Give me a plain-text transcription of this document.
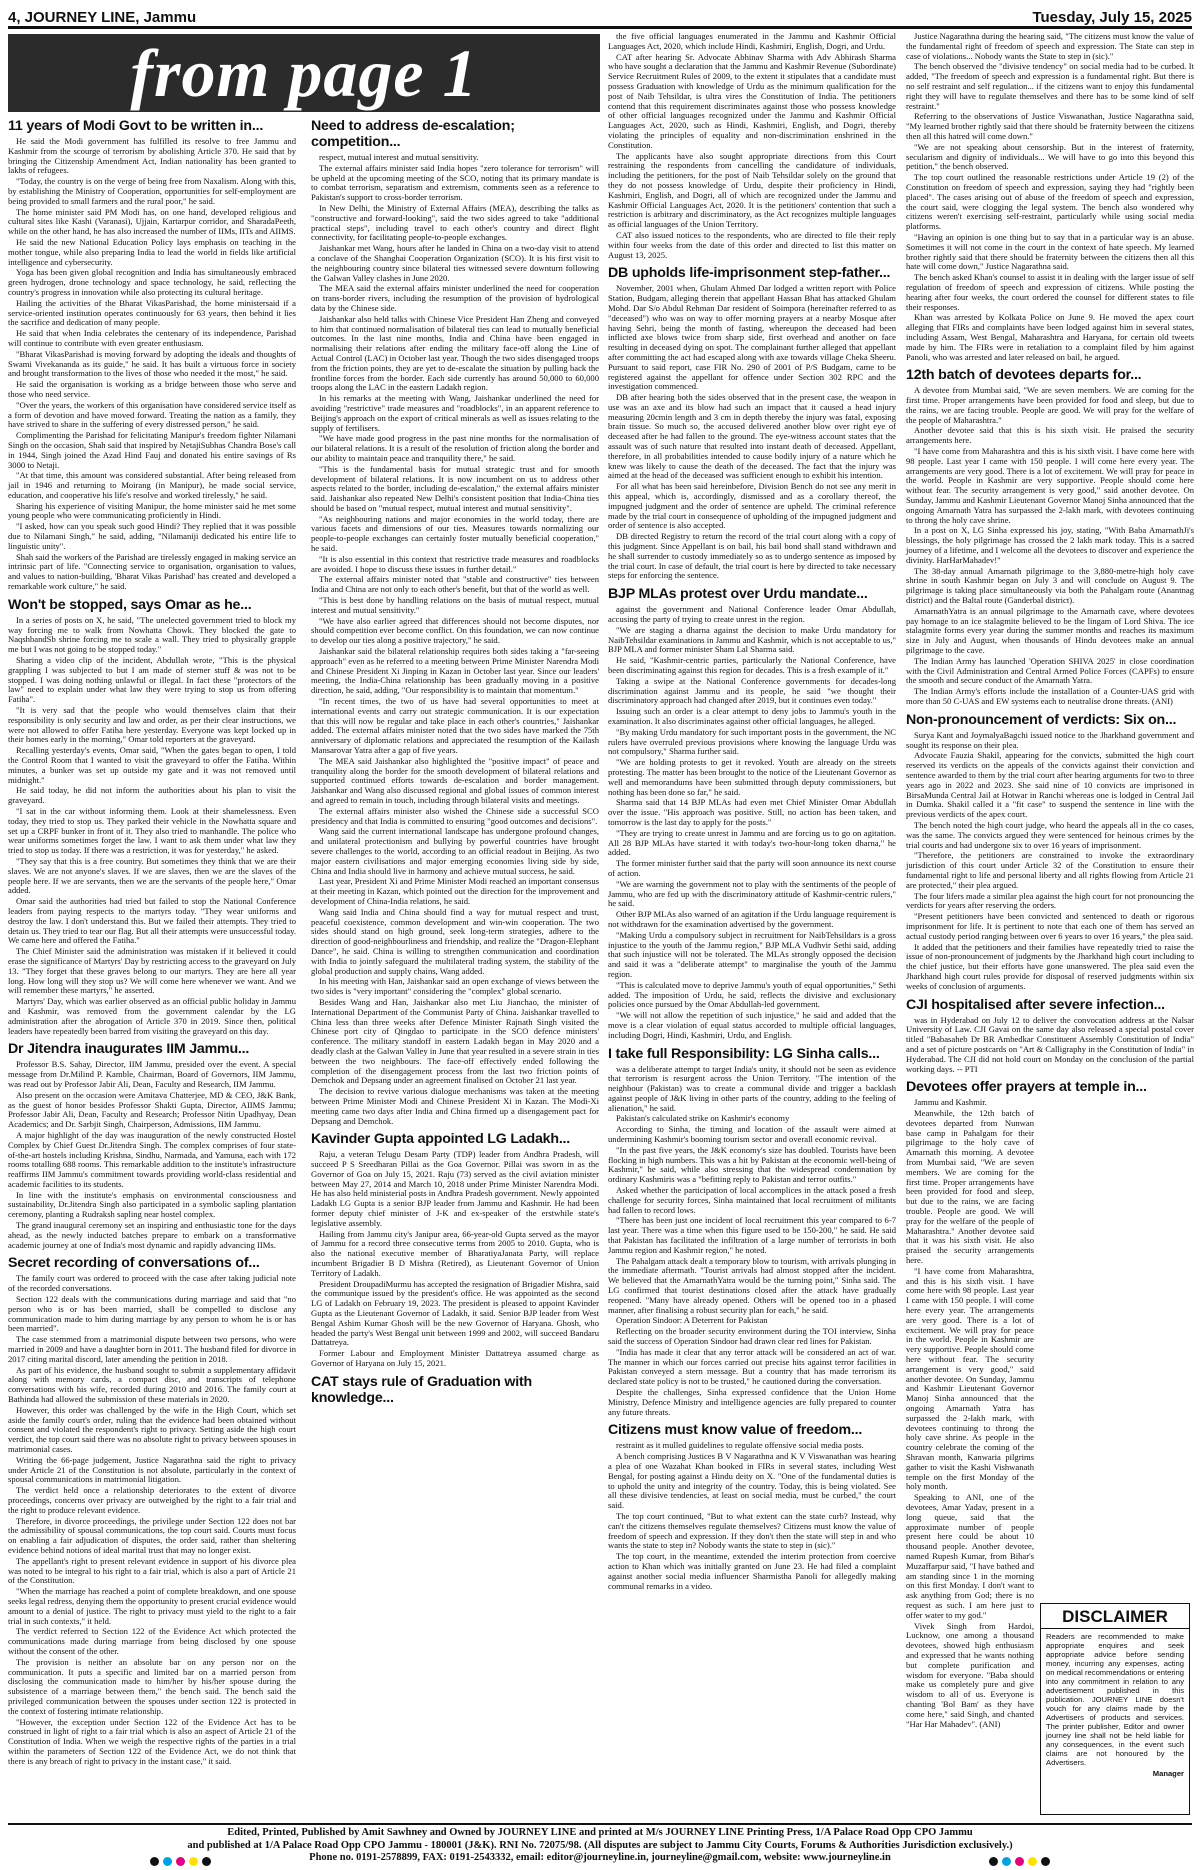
4, JOURNEY LINE, Jammu	Tuesday, July 15, 2025
from page 1
11 years of Modi Govt to be written in...

He said the Modi government has fulfilled its resolve to free Jammu and Kashmir from the scourge of terrorism by abolishing Article 370. He said that by bringing the Citizenship Amendment Act, Indian nationality has been granted to lakhs of refugees.

"Today, the country is on the verge of being free from Naxalism. Along with this, by establishing the Ministry of Cooperation, opportunities for self-employment are being provided to small farmers and the rural poor," he said.

The home minister said PM Modi has, on one hand, developed religious and cultural sites like Kashi (Varanasi), Ujjain, Kartarpur corridor, and SharadaPeeth, while on the other hand, he has also increased the number of IIMs, IITs and AIIMS.

He said the new National Education Policy lays emphasis on teaching in the mother tongue, while also preparing India to lead the world in fields like artificial intelligence and cybersecurity.

Yoga has been given global recognition and India has simultaneously embraced green hydrogen, drone technology and space technology, he said, reflecting the country's progress in innovation while also protecting its cultural heritage.

Hailing the activities of the Bharat VikasParishad, the home ministersaid if a service-oriented institution operates continuously for 63 years, then behind it lies the sacrifice and dedication of many people.

He said that when India celebrates the centenary of its independence, Parishad will continue to contribute with even greater enthusiasm.

"Bharat VikasParishad is moving forward by adopting the ideals and thoughts of Swami Vivekananda as its guide," he said. It has built a virtuous force in society and brought transformation to the lives of those who needed it the most," he said.

He said the organisation is working as a bridge between those who serve and those who need service.

"Over the years, the workers of this organisation have considered service itself as a form of devotion and have moved forward. Treating the nation as a family, they have strived to share in the suffering of every distressed person," he said.

Complimenting the Parishad for felicitating Manipur's freedom fighter Nilamani Singh on the occasion, Shah said that inspired by NetajiSubhas Chandra Bose's call in 1944, Singh joined the Azad Hind Fauj and donated his entire savings of Rs 3000 to Netaji.

"At that time, this amount was considered substantial. After being released from jail in 1946 and returning to Moirang (in Manipur), he made social service, education, and cooperative his life's resolve and worked tirelessly," he said.

Sharing his experience of visiting Manipur, the home minister said he met some young people who were communicating proficiently in Hindi.

"I asked, how can you speak such good Hindi? They replied that it was possible due to Nilamani Singh," he said, adding, "Nilamaniji dedicated his entire life to linguistic unity".

Shah said the workers of the Parishad are tirelessly engaged in making service an intrinsic part of life. "Connecting service to organisation, organisation to values, and values to nation-building, 'Bharat Vikas Parishad' has created and developed a remarkable work culture," he said.

Won't be stopped, says Omar as he...

In a series of posts on X, he said, "The unelected government tried to block my way forcing me to walk from Nowhatta Chowk. They blocked the gate to NaqshbandSb shrine forcing me to scale a wall. They tried to physically grapple me but I was not going to be stopped today."

Sharing a video clip of the incident, Abdullah wrote, "This is the physical grappling I was subjected to but I am made of sterner stuff & was not to be stopped. I was doing nothing unlawful or illegal. In fact these "protectors of the law" need to explain under what law they were trying to stop us from offering Fatiha".

"It is very sad that the people who would themselves claim that their responsibility is only security and law and order, as per their clear instructions, we were not allowed to offer Fatiha here yesterday. Everyone was kept locked up in their homes early in the morning," Omar told reporters at the graveyard.

Recalling yesterday's events, Omar said, "When the gates began to open, I told the Control Room that I wanted to visit the graveyard to offer the Fatiha. Within minutes, a bunker was set up outside my gate and it was not removed until midnight."

He said today, he did not inform the authorities about his plan to visit the graveyard.

"I sat in the car without informing them. Look at their shamelessness. Even today, they tried to stop us. They parked their vehicle in the Nowhatta square and set up a CRPF bunker in front of it. They also tried to manhandle. The police who wear uniforms sometimes forget the law. I want to ask them under what law they tried to stop us today. If there was a restriction, it was for yesterday," he asked.

"They say that this is a free country. But sometimes they think that we are their slaves. We are not anyone's slaves. If we are slaves, then we are the slaves of the people here. If we are servants, then we are the servants of the people here," Omar added.

Omar said the authorities had tried but failed to stop the National Conference leaders from paying respects to the martyrs today. "They wear uniforms and destroy the law. I don't understand this. But we failed their attempts. They tried to detain us. They tried to tear our flag. But all their attempts were unsuccessful today. We came here and offered the Fatiha."

The Chief Minister said the administration was mistaken if it believed it could erase the significance of Martyrs' Day by restricting access to the graveyard on July 13. "They forget that these graves belong to our martyrs. They are here all year long. How long will they stop us? We will come here whenever we want. And we will remember these martyrs," he asserted.

Martyrs' Day, which was earlier observed as an official public holiday in Jammu and Kashmir, was removed from the government calendar by the LG administration after the abrogation of Article 370 in 2019. Since then, political leaders have repeatedly been barred from visiting the graveyard on this day.

Dr Jitendra inaugurates IIM Jammu...

Professor B.S. Sahay, Director, IIM Jammu, presided over the event. A special message from Dr.Milind P. Kamble, Chairman, Board of Governors, IIM Jammu, was read out by Professor Jabir Ali, Dean, Faculty and Research, IIM Jammu.

Also present on the occasion were Amitava Chatterjee, MD & CEO, J&K Bank, as the guest of honor besides Professor Shakti Gupta, Director, AIIMS Jammu; Professor Jabir Ali, Dean, Faculty and Research; Professor Nitin Upadhyay, Dean Academics; and Dr. Sarbjit Singh, Chairperson, Admissions, IIM Jammu.

A major highlight of the day was inauguration of the newly constructed Hostel Complex by Chief Guest Dr.Jitendra Singh. The complex comprises of four state-of-the-art hostels including Krishna, Sindhu, Narmada, and Yamuna, each with 172 rooms totalling 688 rooms. This remarkable addition to the institute's infrastructure reaffirms IIM Jammu's commitment towards providing world-class residential and academic facilities to its students.

In line with the institute's emphasis on environmental consciousness and sustainability, Dr.Jitendra Singh also participated in a symbolic sapling plantation ceremony, planting a Rudraksh sapling near hostel complex.

The grand inaugural ceremony set an inspiring and enthusiastic tone for the days ahead, as the newly inducted batches prepare to embark on a transformative academic journey at one of India's most dynamic and rapidly advancing IIMs.

Secret recording of conversations of...

The family court was ordered to proceed with the case after taking judicial note of the recorded conversations.

Section 122 deals with the communications during marriage and said that "no person who is or has been married, shall be compelled to disclose any communication made to him during marriage by any person to whom he is or has been married".

The case stemmed from a matrimonial dispute between two persons, who were married in 2009 and have a daughter born in 2011. The husband filed for divorce in 2017 citing marital discord, later amending the petition in 2018.

As part of his evidence, the husband sought to submit a supplementary affidavit along with memory cards, a compact disc, and transcripts of telephone conversations with his wife, recorded during 2010 and 2016. The family court at Bathinda had allowed the submission of these materials in 2020.

However, this order was challenged by the wife in the High Court, which set aside the family court's order, ruling that the evidence had been obtained without consent and violated the respondent's right to privacy. Setting aside the high court verdict, the top court said there was no absolute right to privacy between spouses in matrimonial cases.

Writing the 66-page judgement, Justice Nagarathna said the right to privacy under Article 21 of the Constitution is not absolute, particularly in the context of spousal communications in matrimonial litigation.

The verdict held once a relationship deteriorates to the extent of divorce proceedings, concerns over privacy are outweighed by the right to a fair trial and the right to produce relevant evidence.

Therefore, in divorce proceedings, the privilege under Section 122 does not bar the admissibility of spousal communications, the top court said. Courts must focus on enabling a fair adjudication of disputes, the order said, rather than sheltering evidence behind notions of ideal marital trust that may no longer exist.

The appellant's right to present relevant evidence in support of his divorce plea was noted to be integral to his right to a fair trial, which is also a part of Article 21 of the Constitution.

"When the marriage has reached a point of complete breakdown, and one spouse seeks legal redress, denying them the opportunity to present crucial evidence would amount to a denial of justice. The right to privacy must yield to the right to a fair trial in such contexts," it held.

The verdict referred to Section 122 of the Evidence Act which protected the communications made during marriage from being disclosed by one spouse without the consent of the other.

The provision is neither an absolute bar on any person nor on the communication. It puts a specific and limited bar on a married person from disclosing the communication made to him/her by his/her spouse during the subsistence of a marriage between them," the bench said. The bench said the privileged communication between the spouses under section 122 is protected in the context of fostering intimate relationship.

"However, the exception under Section 122 of the Evidence Act has to be construed in light of right to a fair trial which is also an aspect of Article 21 of the Constitution of India. When we weigh the respective rights of the parties in a trial within the parameters of Section 122 of the Evidence Act, we do not think that there is any breach of right to privacy in the instant case," it said.

Need to address de-escalation; competition...

respect, mutual interest and mutual sensitivity.

The external affairs minister said India hopes "zero tolerance for terrorism" will be upheld at the upcoming meeting of the SCO, noting that its primary mandate is to combat terrorism, separatism and extremism, comments seen as a reference to Pakistan's support to cross-border terrorism.

In New Delhi, the Ministry of External Affairs (MEA), describing the talks as "constructive and forward-looking", said the two sides agreed to take "additional practical steps", including travel to each other's country and direct flight connectivity, for facilitating people-to-people exchanges.

Jaishankar met Wang, hours after he landed in China on a two-day visit to attend a conclave of the Shanghai Cooperation Organization (SCO). It is his first visit to the neighbouring country since bilateral ties witnessed severe downturn following the Galwan Valley clashes in June 2020.

The MEA said the external affairs minister underlined the need for cooperation on trans-border rivers, including the resumption of the provision of hydrological data by the Chinese side.

Jaishankar also held talks with Chinese Vice President Han Zheng and conveyed to him that continued normalisation of bilateral ties can lead to mutually beneficial outcomes. In the last nine months, India and China have been engaged in normalising their relations after ending the military face-off along the Line of Actual Control (LAC) in October last year. Though the two sides disengaged troops from the friction points, they are yet to de-escalate the situation by pulling back the frontline forces from the border. Each side currently has around 50,000 to 60,000 troops along the LAC in the eastern Ladakh region.

In his remarks at the meeting with Wang, Jaishankar underlined the need for avoiding "restrictive" trade measures and "roadblocks", in an apparent reference to Beijing's approach on the export of critical minerals as well as issues relating to the supply of fertilisers.

"We have made good progress in the past nine months for the normalisation of our bilateral relations. It is a result of the resolution of friction along the border and our ability to maintain peace and tranquility there," he said.

"This is the fundamental basis for mutual strategic trust and for smooth development of bilateral relations. It is now incumbent on us to address other aspects related to the border, including de-escalation," the external affairs minister said. Jaishankar also repeated New Delhi's consistent position that India-China ties should be based on "mutual respect, mutual interest and mutual sensitivity".

"As neighbouring nations and major economies in the world today, there are various facets and dimensions of our ties. Measures towards normalizing our people-to-people exchanges can certainly foster mutually beneficial cooperation," he said.

"It is also essential in this context that restrictive trade measures and roadblocks are avoided. I hope to discuss these issues in further detail."

The external affairs minister noted that "stable and constructive" ties between India and China are not only to each other's benefit, but that of the world as well.

"This is best done by handling relations on the basis of mutual respect, mutual interest and mutual sensitivity."

"We have also earlier agreed that differences should not become disputes, nor should competition ever become conflict. On this foundation, we can now continue to develop our ties along a positive trajectory," he said.

Jaishankar said the bilateral relationship requires both sides taking a "far-seeing approach" even as he referred to a meeting between Prime Minister Narendra Modi and Chinese President Xi Jinping in Kazan in October last year. Since our leaders' meeting, the India-China relationship has been gradually moving in a positive direction, he said, adding, "Our responsibility is to maintain that momentum."

"In recent times, the two of us have had several opportunities to meet at international events and carry out strategic communication. It is our expectation that this will now be regular and take place in each other's countries," Jaishankar added. The external affairs minister noted that the two sides have marked the 75th anniversary of diplomatic relations and appreciated the resumption of the Kailash Mansarovar Yatra after a gap of five years.

The MEA said Jaishankar also highlighted the "positive impact" of peace and tranquility along the border for the smooth development of bilateral relations and supported continued efforts towards de-escalation and border management. Jaishankar and Wang also discussed regional and global issues of common interest and agreed to remain in touch, including through bilateral visits and meetings.

The external affairs minister also wished the Chinese side a successful SCO presidency and that India is committed to ensuring "good outcomes and decisions".

Wang said the current international landscape has undergone profound changes, and unilateral protectionism and bullying by powerful countries have brought severe challenges to the world, according to an official readout in Beijing. As two major eastern civilisations and major emerging economies living side by side, China and India should live in harmony and achieve mutual success, he said.

Last year, President Xi and Prime Minister Modi reached an important consensus at their meeting in Kazan, which pointed out the direction for the improvement and development of China-India relations, he said.

Wang said India and China should find a way for mutual respect and trust, peaceful coexistence, common development and win-win cooperation. The two sides should stand on high ground, seek long-term strategies, adhere to the direction of good-neighbourliness and friendship, and realize the "Dragon-Elephant Dance", he said. China is willing to strengthen communication and coordination with India to jointly safeguard the multilateral trading system, the stability of the global production and supply chains, Wang added.

In his meeting with Han, Jaishankar said an open exchange of views between the two sides is "very important" considering the "complex" global scenario.

Besides Wang and Han, Jaishankar also met Liu Jianchao, the minister of International Department of the Communist Party of China. Jaishankar travelled to China less than three weeks after Defence Minister Rajnath Singh visited the Chinese port city of Qingdao to participate in the SCO defence ministers' conference. The military standoff in eastern Ladakh began in May 2020 and a deadly clash at the Galwan Valley in June that year resulted in a severe strain in ties between the two neighbours. The face-off effectively ended following the completion of the disengagement process from the last two friction points of Demchok and Depsang under an agreement finalised on October 21 last year.

The decision to revive various dialogue mechanisms was taken at the meeting between Prime Minister Modi and Chinese President Xi in Kazan. The Modi-Xi meeting came two days after India and China firmed up a disengagement pact for Depsang and Demchok.

Kavinder Gupta appointed LG Ladakh...

Raju, a veteran Telugu Desam Party (TDP) leader from Andhra Pradesh, will succeed P S Sreedharan Pillai as the Goa Governor. Pillai was sworn in as the Governor of Goa on July 15, 2021. Raju (73) served as the civil aviation minister between May 27, 2014 and March 10, 2018 under Prime Minister Narendra Modi. He has also held ministerial posts in Andhra Pradesh government. Newly appointed Ladakh LG Gupta is a senior BJP leader from Jammu and Kashmir. He had been former deputy chief minister of J-K and ex-speaker of the erstwhile state's legislative assembly.

Hailing from Jammu city's Janipur area, 66-year-old Gupta served as the mayor of Jammu for a record three consecutive terms from 2005 to 2010. Gupta, who is also the national executive member of BharatiyaJanata Party, will replace incumbent Brigadier B D Mishra (Retired), as Lieutenant Governor of Union Territory of Ladakh.

President DroupadiMurmu has accepted the resignation of Brigadier Mishra, said the communique issued by the president's office. He was appointed as the second LG of Ladakh on February 19, 2023. The president is pleased to appoint Kavinder Gupta as the Lieutenant Governor of Ladakh, it said. Senior BJP leader from West Bengal Ashim Kumar Ghosh will be the new Governor of Haryana. Ghosh, who headed the party's West Bengal unit between 1999 and 2002, will succeed Bandaru Dattatreya.

Former Labour and Employment Minister Dattatreya assumed charge as Governor of Haryana on July 15, 2021.

CAT stays rule of Graduation with knowledge...

the five official languages enumerated in the Jammu and Kashmir Official Languages Act, 2020, which include Hindi, Kashmiri, English, Dogri, and Urdu.

CAT after hearing Sr. Advocate Abhinav Sharma with Adv Abhirash Sharma who have sought a declaration that the Jammu and Kashmir Revenue (Subordinate) Service Recruitment Rules of 2009, to the extent it stipulates that a candidate must possess Graduation with knowledge of Urdu as the minimum qualification for the post of Naib Tehsildar, is ultra vires the Constitution of India. The petitioners contend that this requirement discriminates against those who possess knowledge of other official languages recognized under the Jammu and Kashmir Official Languages Act, 2020, such as Hindi, Kashmiri, English, and Dogri, thereby violating the principles of equality and non-discrimination enshrined in the Constitution.

The applicants have also sought appropriate directions from this Court restraining the respondents from cancelling the candidature of individuals, including the petitioners, for the post of Naib Tehsildar solely on the ground that they do not possess knowledge of Urdu, despite their proficiency in Hindi, Kashmiri, English, and Dogri, all of which are recognized under the Jammu and Kashmir Official Languages Act, 2020. It is the petitioners' contention that such a restriction is arbitrary and discriminatory, as the Act recognizes multiple languages as official languages of the Union Territory.

CAT also issued notices to the respondents, who are directed to file their reply within four weeks from the date of this order and directed to list this matter on August 13, 2025.

DB upholds life-imprisonment step-father...

November, 2001 when, Ghulam Ahmed Dar lodged a written report with Police Station, Budgam, alleging therein that appellant Hassan Bhat has attacked Ghulam Mohd. Dar S/o Abdul Rehman Dar resident of Soimpora (hereinafter referred to as "deceased") who was on way to offer morning prayers at a nearby Mosque after having Sehri, being the month of fasting, whereupon the deceased had been inflicted axe blows twice from sharp side, first overhead and another on face resulting in deceased dying on spot. The complainant further alleged that appellant after committing the act had escaped along with axe towards village Cheka Sheeru. Pursuant to said report, case FIR No. 290 of 2001 of P/S Budgam, came to be registered against the appellant for offence under Section 302 RPC and the investigation commenced.

DB after hearing both the sides observed that in the present case, the weapon in use was an axe and its blow had such an impact that it caused a head injury measuring 20cmin length and 3 cm in depth thereby the injury was fatal, exposing brain tissue. So much so, the accused delivered another blow over right eye of deceased after he had fallen to the ground. The eye-witness account states that the assault was of such nature that resulted into instant death of deceased. Appellant, therefore, in all probabilities intended to cause bodily injury of a nature which he knew was likely to cause the death of the deceased. The fact that the injury was aimed at the head of the deceased was sufficient enough to exhibit his intention.

For all what has been said hereinbefore, Division Bench do not see any merit in this appeal, which is, accordingly, dismissed and as a corollary thereof, the impugned judgment and the order of sentence are upheld. The criminal reference made by the trial court in consequence of upholding of the impugned judgment and order of sentence is also accepted.

DB directed Registry to return the record of the trial court along with a copy of this judgment. Since Appellant is on bail, his bail bond shall stand withdrawn and he shall surrender to custody immediately so as to undergo sentence as imposed by the trial court. In case of default, the trial court is here by directed to take necessary steps for enforcing the sentence.

BJP MLAs protest over Urdu mandate...

against the government and National Conference leader Omar Abdullah, accusing the party of trying to create unrest in the region.

"We are staging a dharna against the decision to make Urdu mandatory for NaibTehsildar examinations in Jammu and Kashmir, which is not acceptable to us," BJP MLA and former minister Sham Lal Sharma said.

He said, "Kashmir-centric parties, particularly the National Conference, have been discriminating against this region for decades. This is a fresh example of it."

Taking a swipe at the National Conference governments for decades-long discrimination against Jammu and its people, he said "we thought their discriminatory approach had changed after 2019, but it continues even today."

Issuing such an order is a clear attempt to deny jobs to Jammu's youth in the examination. It also discriminates against other official languages, he alleged.

"By making Urdu mandatory for such important posts in the government, the NC rulers have overruled previous provisions where knowing the language Urdu was not compulsory," Sharma further said.

"We are holding protests to get it revoked. Youth are already on the streets protesting. The matter has been brought to the notice of the Lieutenant Governor as well and memorandums have been submitted through deputy commissioners, but nothing has been done so far," he said.

Sharma said that 14 BJP MLAs had even met Chief Minister Omar Abdullah over the issue. "His approach was positive. Still, no action has been taken, and tomorrow is the last day to apply for the posts."

"They are trying to create unrest in Jammu and are forcing us to go on agitation. All 28 BJP MLAs have started it with today's two-hour-long token dharna," he added.

The former minister further said that the party will soon announce its next course of action.

"We are warning the government not to play with the sentiments of the people of Jammu, who are fed up with the discriminatory attitude of Kashmir-centric rulers," he said.

Other BJP MLAs also warned of an agitation if the Urdu language requirement is not withdrawn for the examination advertised by the government.

"Making Urdu a compulsory subject in recruitment for NaibTehsildars is a gross injustice to the youth of the Jammu region," BJP MLA Vudhvir Sethi said, adding that such injustice will not be tolerated. The MLAs strongly opposed the decision and said it was a "deliberate attempt" to marginalise the youth of the Jammu region.

"This is calculated move to deprive Jammu's youth of equal opportunities," Sethi added. The imposition of Urdu, he said, reflects the divisive and exclusionary policies once pursued by the Omar Abdullah-led government.

"We will not allow the repetition of such injustice," he said and added that the move is a clear violation of equal status accorded to multiple official languages, including Dogri, Hindi, Kashmiri, Urdu, and English.

I take full Responsibility: LG Sinha calls...

was a deliberate attempt to target India's unity, it should not be seen as evidence that terrorism is resurgent across the Union Territory. "The intention of the neighbour (Pakistan) was to create a communal divide and trigger a backlash against people of J&K living in other parts of the country, adding to the feeling of alienation," he said.

Pakistan's calculated strike on Kashmir's economy

According to Sinha, the timing and location of the assault were aimed at undermining Kashmir's booming tourism sector and overall economic revival.

"In the past five years, the J&K economy's size has doubled. Tourists have been flocking in high numbers. This was a hit by Pakistan at the economic well-being of Kashmir," he said, while also stressing that the widespread condemnation by ordinary Kashmiris was a "befitting reply to Pakistan and terror outfits."

Asked whether the participation of local accomplices in the attack posed a fresh challenge for security forces, Sinha maintained that local recruitment of militants had fallen to record lows.

"There has been just one incident of local recruitment this year compared to 6-7 last year. There was a time when this figure used to be 150-200," he said. He said that Pakistan has facilitated the infiltration of a large number of terrorists in both Jammu region and Kashmir region," he noted.

The Pahalgam attack dealt a temporary blow to tourism, with arrivals plunging in the immediate aftermath. "Tourist arrivals had almost stopped after the incident. We believed that the AmarnathYatra would be the turning point," Sinha said. The LG confirmed that tourist destinations closed after the attack have gradually reopened. "Many have already opened. Others will be opened too in a phased manner, after finalising a robust security plan for each," he said.

Operation Sindoor: A Deterrent for Pakistan

Reflecting on the broader security environment during the TOI interview, Sinha said the success of Operation Sindoor had drawn clear red lines for Pakistan.

"India has made it clear that any terror attack will be considered an act of war. The manner in which our forces carried out precise hits against terror facilities in Pakistan conveyed a stern message. But a country that has made terrorism its declared state policy is not to be trusted," he cautioned during the conversation.

Despite the challenges, Sinha expressed confidence that the Union Home Ministry, Defence Ministry and intelligence agencies are fully prepared to counter any future threats.

Citizens must know value of freedom...

restraint as it mulled guidelines to regulate offensive social media posts.

A bench comprising Justices B V Nagarathna and K V Viswanathan was hearing a plea of one Wazahat Khan booked in FIRs in several states, including West Bengal, for posting against a Hindu deity on X. "One of the fundamental duties is to uphold the unity and integrity of the country. Today, this is being violated. See all these divisive tendencies, at least on social media, must be curbed," the court said.

The top court continued, "But to what extent can the state curb? Instead, why can't the citizens themselves regulate themselves? Citizens must know the value of freedom of speech and expression. If they don't then the state will step in and who wants the state to step in? Nobody wants the state to step in (sic)."

The top court, in the meantime, extended the interim protection from coercive action to Khan which was initially granted on June 23. He had filed a complaint against another social media influencer Sharmistha Panoli for allegedly making communal remarks in a video.

Justice Nagarathna during the hearing said, "The citizens must know the value of the fundamental right of freedom of speech and expression. The State can step in case of violations... Nobody wants the State to step in (sic)."

The bench observed the "divisive tendency" on social media had to be curbed. It added, "The freedom of speech and expression is a fundamental right. But there is no self restraint and self regulation... if the citizens want to enjoy this fundamental right they will have to regulate themselves and there has to be some kind of self restraint."

Referring to the observations of Justice Viswanathan, Justice Nagarathna said, "My learned brother rightly said that there should be fraternity between the citizens then all this hatred will come down."

"We are not speaking about censorship. But in the interest of fraternity, secularism and dignity of individuals... We will have to go into this beyond this petition," the bench observed.

The top court outlined the reasonable restrictions under Article 19 (2) of the Constitution on freedom of speech and expression, saying they had "rightly been placed". The cases arising out of abuse of the freedom of speech and expression, the court said, were clogging the legal system. The bench also wondered why citizens weren't exercising self-restraint, particularly while using social media platforms.

"Having an opinion is one thing but to say that in a particular way is an abuse. Sometimes it will not come in the court in the context of hate speech. My learned brother rightly said that there should be fraternity between the citizens then all this hate will come down," Justice Nagarathna said.

The bench asked Khan's counsel to assist it in dealing with the larger issue of self regulation of freedom of speech and expression of citizens. While posting the hearing after four weeks, the court ordered the counsel for different states to file their responses.

Khan was arrested by Kolkata Police on June 9. He moved the apex court alleging that FIRs and complaints have been lodged against him in several states, including Assam, West Bengal, Maharashtra and Haryana, for certain old tweets made by him. The FIRs were in retaliation to a complaint filed by him against Panoli, who was arrested and later released on bail, he argued.

12th batch of devotees departs for...

A devotee from Mumbai said, "We are seven members. We are coming for the first time. Proper arrangements have been provided for food and sleep, but due to the rains, we are facing trouble. People are good. We will pray for the welfare of the people of Maharashtra."

Another devotee said that this is his sixth visit. He praised the security arrangements here.

"I have come from Maharashtra and this is his sixth visit. I have come here with 98 people. Last year I came with 150 people. I will come here every year. The arrangements are very good. There is a lot of excitement. We will pray for peace in the world. People in Kashmir are very supportive. People should come here without fear. The security arrangement is very good," said another devotee. On Sunday, Jammu and Kashmir Lieutenant Governor Manoj Sinha announced that the ongoing Amarnath Yatra has surpassed the 2-lakh mark, with devotees continuing to throng the holy cave shrine.

In a post on X, LG Sinha expressed his joy, stating, "With Baba AmarnathJi's blessings, the holy pilgrimage has crossed the 2 lakh mark today. This is a sacred journey of a lifetime, and I welcome all the devotees to discover and experience the divinity. HarHarMahadev!"

The 38-day annual Amarnath pilgrimage to the 3,880-metre-high holy cave shrine in south Kashmir began on July 3 and will conclude on August 9. The pilgrimage is taking place simultaneously via both the Pahalgam route (Anantnag district) and the Baltal route (Ganderbal district).

AmarnathYatra is an annual pilgrimage to the Amarnath cave, where devotees pay homage to an ice stalagmite believed to be the lingam of Lord Shiva. The ice stalagmite forms every year during the summer months and reaches its maximum size in July and August, when thousands of Hindu devotees make an annual pilgrimage to the cave.

The Indian Army has launched 'Operation SHIVA 2025' in close coordination with the Civil Administration and Central Armed Police Forces (CAPFs) to ensure the smooth and secure conduct of the Amarnath Yatra.

The Indian Army's efforts include the installation of a Counter-UAS grid with more than 50 C-UAS and EW systems each to neutralise drone threats. (ANI)

Non-pronouncement of verdicts: Six on...

Surya Kant and JoymalyaBagchi issued notice to the Jharkhand government and sought its response on their plea.

Advocate Fauzia Shakil, appearing for the convicts, submitted the high court reserved its verdicts on the appeals of the convicts against their conviction and sentence awarded to them by the trial court after hearing arguments for two to three years ago in 2022 and 2023. She said nine of 10 convicts are imprisoned in BirsaMunda Central Jail at Hotwar in Ranchi whereas one is lodged in Central Jail in Dumka. Shakil called it a "fit case" to suspend the sentence in line with the previous verdicts of the apex court.

The bench noted the high court judge, who heard the appeals all in the co cases, was the same. The convicts argued they were sentenced for heinous crimes by the trial courts and had undergone six to over 16 years of imprisonment.

"Therefore, the petitioners are constrained to invoke the extraordinary jurisdiction of this court under Article 32 of the Constitution to ensure their fundamental right to life and personal liberty and all rights flowing from Article 21 are protected," their plea argued.

The four lifers made a similar plea against the high court for not pronouncing the verdicts for years after reserving the orders.

"Present petitioners have been convicted and sentenced to death or rigorous imprisonment for life. It is pertinent to note that each one of them has served an actual custody period ranging between over 6 years to over 16 years," the plea said.

It added that the petitioners and their families have repeatedly tried to raise the issue of non-pronouncement of judgments by the Jharkhand high court including to the chief justice, but their efforts have gone unanswered. The plea said even the Jharkhand high court rules provide for disposal of reserved judgments within six weeks of conclusion of arguments.

CJI hospitalised after severe infection...

was in Hyderabad on July 12 to deliver the convocation address at the Nalsar University of Law. CJI Gavai on the same day also released a special postal cover titled "Babasaheb Dr BR Ambedkar Constituent Assembly Constitution of India" and a set of picture postcards on "Art & Calligraphy in the Constitution of India" in Hyderabad. The CJI did not hold court on Monday on the conclusion of the partial working days. -- PTI

Devotees offer prayers at temple in...

Jammu and Kashmir.

Meanwhile, the 12th batch of devotees departed from Nunwan base camp in Pahalgam for their pilgrimage to the holy cave of Amarnath this morning. A devotee from Mumbai said, "We are seven members. We are coming for the first time. Proper arrangements have been provided for food and sleep, but due to the rains, we are facing trouble. People are good. We will pray for the welfare of the people of Maharashtra." Another devotee said that it was his sixth visit. He also praised the security arrangements here.

"I have come from Maharashtra, and this is his sixth visit. I have come here with 98 people. Last year I came with 150 people. I will come here every year. The arrangements are very good. There is a lot of excitement. We will pray for peace in the world. People in Kashmir are very supportive. People should come here without fear. The security arrangement is very good," said another devotee. On Sunday, Jammu and Kashmir Lieutenant Governor Manoj Sinha announced that the ongoing Amarnath Yatra has surpassed the 2-lakh mark, with devotees continuing to throng the holy cave shrine. As people in the country celebrate the coming of the Shravan month, Kanwaria pilgrims gather to visit the Kashi Vishwanath temple on the first Monday of the holy month.

Speaking to ANI, one of the devotees, Amar Yadav, present in a long queue, said that the approximate number of people present here could be about 10 thousand people. Another devotee, named Rupesh Kumar, from Bihar's Muzaffarpur said, "I have bathed and am standing since 1 in the morning on this first Monday. I don't want to ask anything from God; there is no request as such. I am here just to offer water to my god."

Vivek Singh from Hardoi, Lucknow, one among a thousand devotees, showed high enthusiasm and expressed that he wants nothing but complete purification and wisdom for everyone. "Baba should make us completely pure and give wisdom to all of us. Everyone is chanting 'Bol Bam' as they have come here," said Singh, and chanted "Har Har Mahadev". (ANI)

DISCLAIMER
Readers are recommended to make appropriate enquires and seek appropriate advice before sending money, incurring any expenses, acting on medical recommendations or entering into any commitment in relation to any advertisement published in this publication. JOURNEY LINE doesn't vouch for any claims made by the Advertisers of products and services. The printer publisher, Editor and owner journey line shall not be held liable for any consequences, in the event such claims are not honoured by the Advertisers.
Manager
Edited, Printed, Published by Amit Sawhney and Owned by JOURNEY LINE and printed at M/s JOURNEY LINE Printing Press, 1/A Palace Road Opp CPO Jammu
and published at 1/A Palace Road Opp CPO Jammu - 180001 (J&K). RNI No. 72075/98. (All disputes are subject to Jammu City Courts, Forums & Authorities Jurisdiction exclusively.)
Phone no. 0191-2578899, FAX: 0191-2543332, email: editor@journeyline.in, journeyline@gmail.com, website: www.journeyline.in
